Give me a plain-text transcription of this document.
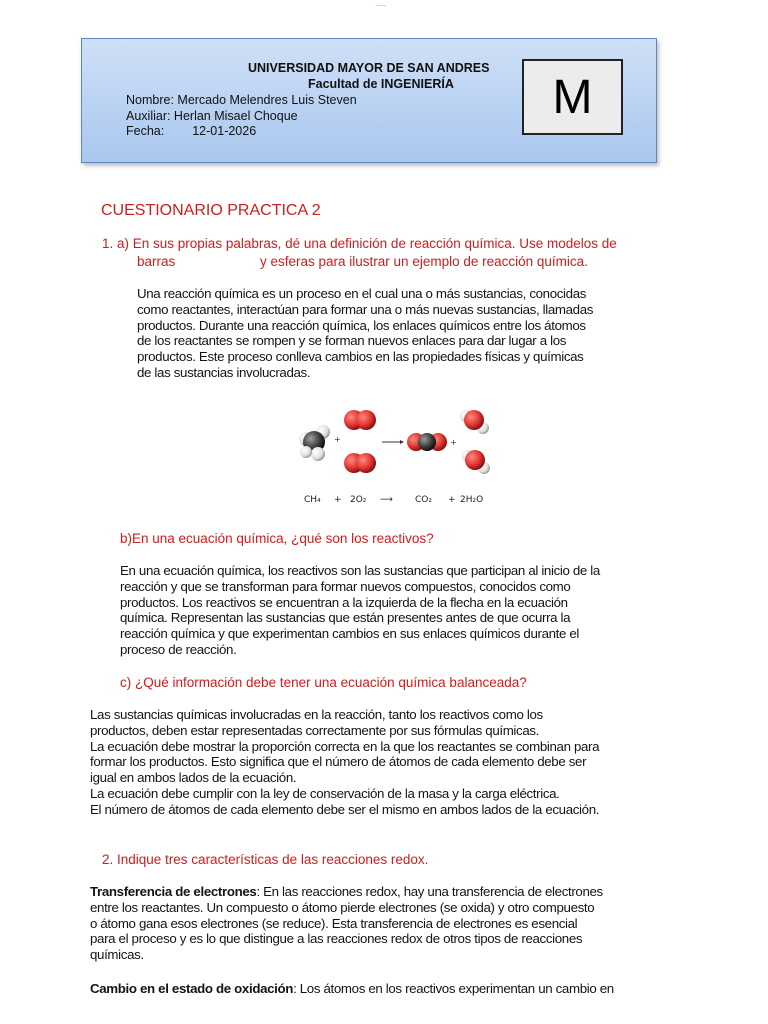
___
UNIVERSIDAD MAYOR DE SAN ANDRES
Facultad de INGENIERÍA
Nombre: Mercado Melendres Luis Steven
Auxiliar: Herlan Misael Choque
Fecha: 12-01-2026
M
CUESTIONARIO PRACTICA 2
1. a) En sus propias palabras, dé una definición de reacción química. Use modelos de
barras	y esferas para ilustrar un ejemplo de reacción química.
Una reacción química es un proceso en el cual una o más sustancias, conocidas
como reactantes, interactúan para formar una o más nuevas sustancias, llamadas
productos. Durante una reacción química, los enlaces químicos entre los átomos
de los reactantes se rompen y se forman nuevos enlaces para dar lugar a los
productos. Este proceso conlleva cambios en las propiedades físicas y químicas
de las sustancias involucradas.
+	+
CH₄ + 2O₂ ⟶ CO₂ + 2H₂O
b)En una ecuación química, ¿qué son los reactivos?
En una ecuación química, los reactivos son las sustancias que participan al inicio de la
reacción y que se transforman para formar nuevos compuestos, conocidos como
productos. Los reactivos se encuentran a la izquierda de la flecha en la ecuación
química. Representan las sustancias que están presentes antes de que ocurra la
reacción química y que experimentan cambios en sus enlaces químicos durante el
proceso de reacción.
c) ¿Qué información debe tener una ecuación química balanceada?
Las sustancias químicas involucradas en la reacción, tanto los reactivos como los
productos, deben estar representadas correctamente por sus fórmulas químicas.
La ecuación debe mostrar la proporción correcta en la que los reactantes se combinan para
formar los productos. Esto significa que el número de átomos de cada elemento debe ser
igual en ambos lados de la ecuación.
La ecuación debe cumplir con la ley de conservación de la masa y la carga eléctrica.
El número de átomos de cada elemento debe ser el mismo en ambos lados de la ecuación.
2. Indique tres características de las reacciones redox.
Transferencia de electrones: En las reacciones redox, hay una transferencia de electrones
entre los reactantes. Un compuesto o átomo pierde electrones (se oxida) y otro compuesto
o átomo gana esos electrones (se reduce). Esta transferencia de electrones es esencial
para el proceso y es lo que distingue a las reacciones redox de otros tipos de reacciones
químicas.
Cambio en el estado de oxidación: Los átomos en los reactivos experimentan un cambio en
